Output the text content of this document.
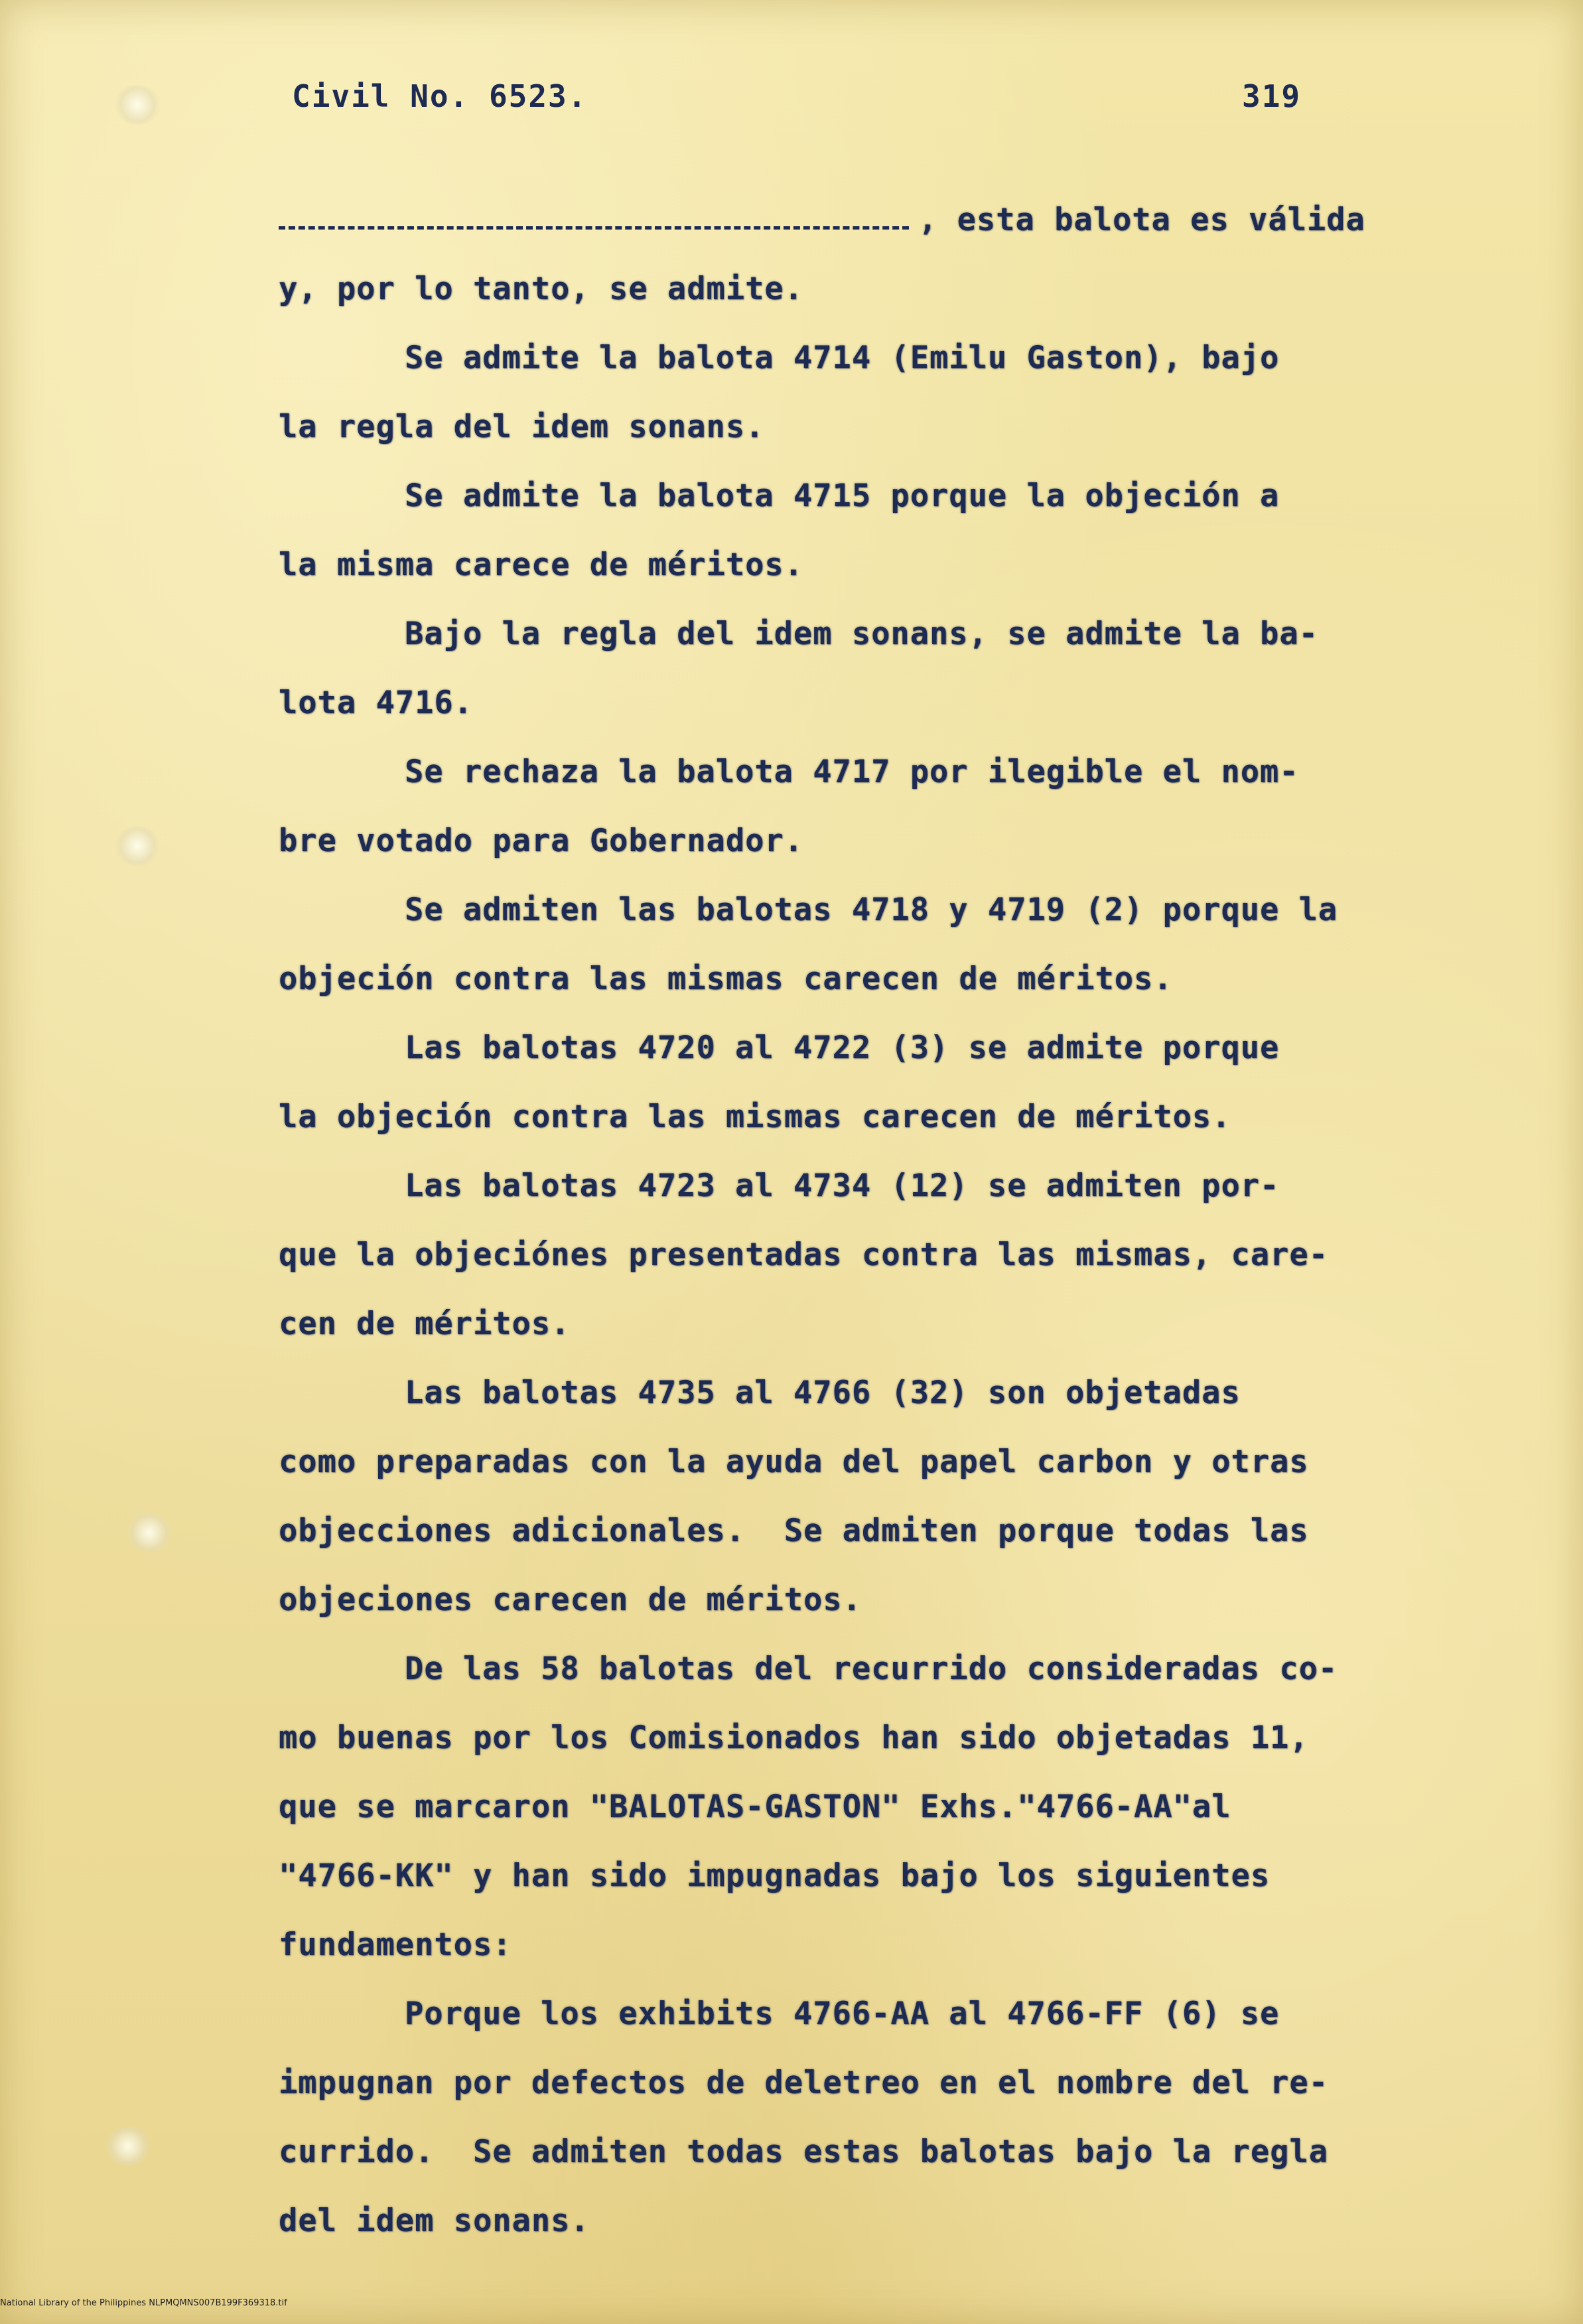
Civil No. 6523.	319
, esta balota es válida
y, por lo tanto, se admite.
Se admite la balota 4714 (Emilu Gaston), bajo
la regla del idem sonans.
Se admite la balota 4715 porque la objeción a
la misma carece de méritos.
Bajo la regla del idem sonans, se admite la ba-
lota 4716.
Se rechaza la balota 4717 por ilegible el nom-
bre votado para Gobernador.
Se admiten las balotas 4718 y 4719 (2) porque la
objeción contra las mismas carecen de méritos.
Las balotas 4720 al 4722 (3) se admite porque
la objeción contra las mismas carecen de méritos.
Las balotas 4723 al 4734 (12) se admiten por-
que la objeciónes presentadas contra las mismas, care-
cen de méritos.
Las balotas 4735 al 4766 (32) son objetadas
como preparadas con la ayuda del papel carbon y otras
objecciones adicionales.  Se admiten porque todas las
objeciones carecen de méritos.
De las 58 balotas del recurrido consideradas co-
mo buenas por los Comisionados han sido objetadas 11,
que se marcaron "BALOTAS-GASTON" Exhs."4766-AA"al
"4766-KK" y han sido impugnadas bajo los siguientes
fundamentos:
Porque los exhibits 4766-AA al 4766-FF (6) se
impugnan por defectos de deletreo en el nombre del re-
currido.  Se admiten todas estas balotas bajo la regla
del idem sonans.
National Library of the Philippines NLPMQMNS007B199F369318.tif
